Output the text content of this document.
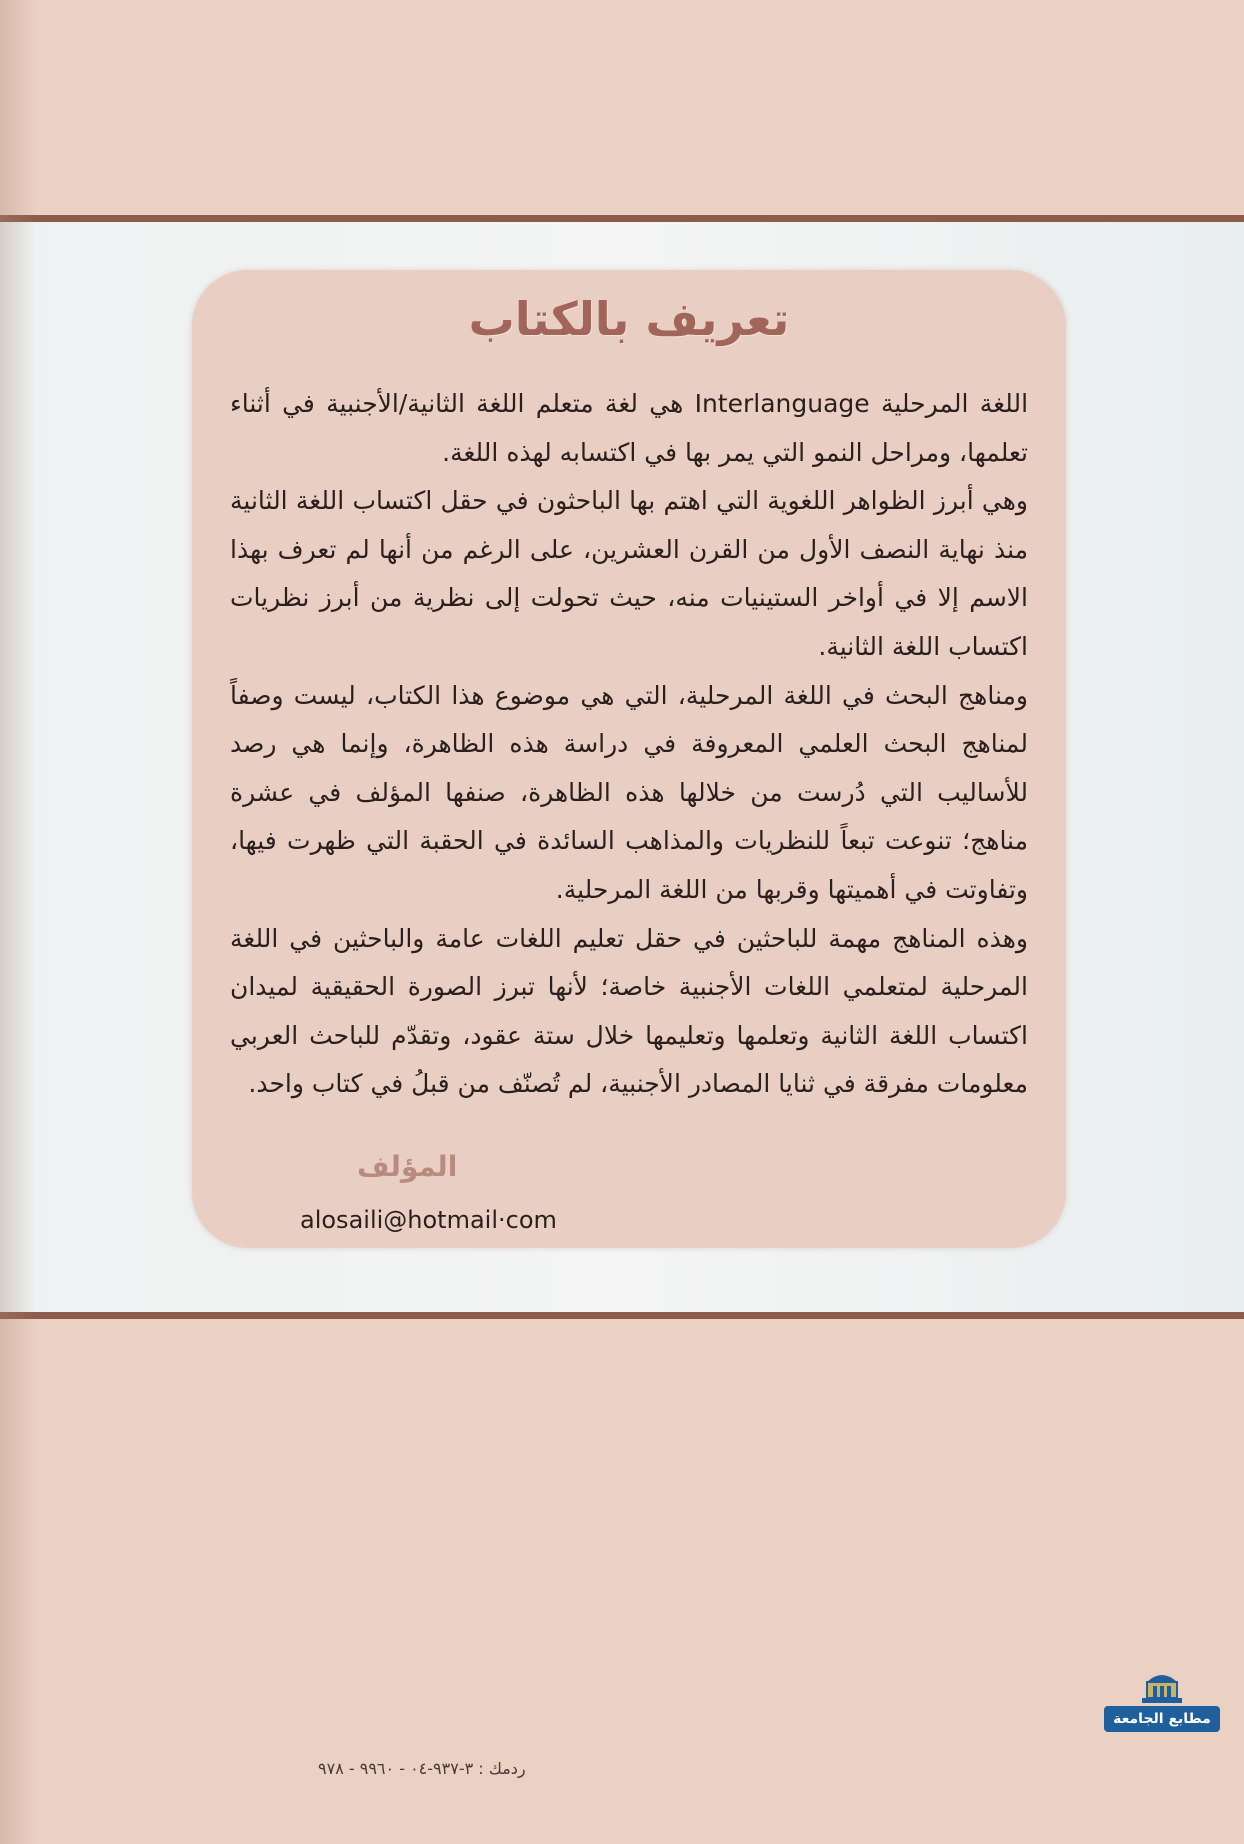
تعريف بالكتاب

اللغة المرحلية Interlanguage هي لغة متعلم اللغة الثانية/الأجنبية في أثناء تعلمها، ومراحل النمو التي يمر بها في اكتسابه لهذه اللغة.

وهي أبرز الظواهر اللغوية التي اهتم بها الباحثون في حقل اكتساب اللغة الثانية منذ نهاية النصف الأول من القرن العشرين، على الرغم من أنها لم تعرف بهذا الاسم إلا في أواخر الستينيات منه، حيث تحولت إلى نظرية من أبرز نظريات اكتساب اللغة الثانية.

ومناهج البحث في اللغة المرحلية، التي هي موضوع هذا الكتاب، ليست وصفاً لمناهج البحث العلمي المعروفة في دراسة هذه الظاهرة، وإنما هي رصد للأساليب التي دُرست من خلالها هذه الظاهرة، صنفها المؤلف في عشرة مناهج؛ تنوعت تبعاً للنظريات والمذاهب السائدة في الحقبة التي ظهرت فيها، وتفاوتت في أهميتها وقربها من اللغة المرحلية.

وهذه المناهج مهمة للباحثين في حقل تعليم اللغات عامة والباحثين في اللغة المرحلية لمتعلمي اللغات الأجنبية خاصة؛ لأنها تبرز الصورة الحقيقية لميدان اكتساب اللغة الثانية وتعلمها وتعليمها خلال ستة عقود، وتقدّم للباحث العربي معلومات مفرقة في ثنايا المصادر الأجنبية، لم تُصنّف من قبلُ في كتاب واحد.

المؤلف
alosaili@hotmail·com
مطابع الجامعة
ردمك : ٣-٩٣٧-٠٤ - ٩٩٦٠ - ٩٧٨
